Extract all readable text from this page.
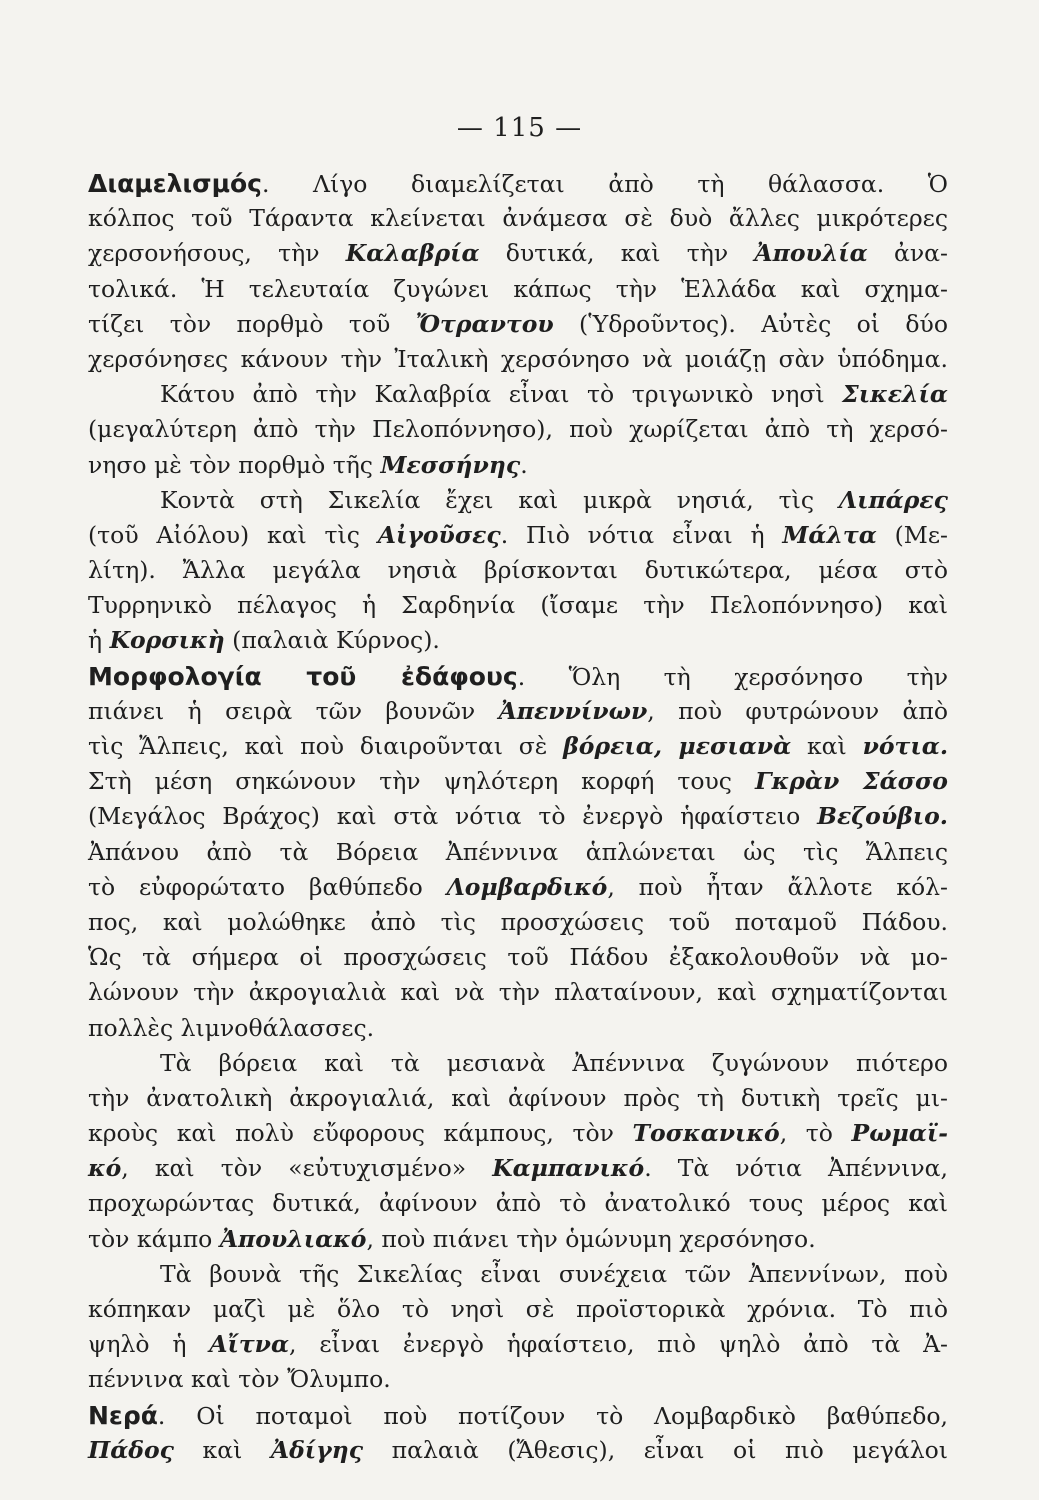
— 115 —
Διαμελισμός. Λίγο διαμελίζεται ἀπὸ τὴ θάλασσα. Ὁ
κόλπος τοῦ Τάραντα κλείνεται ἀνάμεσα σὲ δυὸ ἄλλες μικρότερες
χερσονήσους, τὴν Καλαβρία δυτικά, καὶ τὴν Ἀπουλία ἀνα-
τολικά. Ἡ τελευταία ζυγώνει κάπως τὴν Ἑλλάδα καὶ σχημα-
τίζει τὸν πορθμὸ τοῦ Ὄτραντου (Ὑδροῦντος). Αὐτὲς οἱ δύο
χερσόνησες κάνουν τὴν Ἰταλικὴ χερσόνησο νὰ μοιάζῃ σὰν ὑπόδημα.
Κάτου ἀπὸ τὴν Καλαβρία εἶναι τὸ τριγωνικὸ νησὶ Σικελία
(μεγαλύτερη ἀπὸ τὴν Πελοπόννησο), ποὺ χωρίζεται ἀπὸ τὴ χερσό-
νησο μὲ τὸν πορθμὸ τῆς Μεσσήνης.
Κοντὰ στὴ Σικελία ἔχει καὶ μικρὰ νησιά, τὶς Λιπάρες
(τοῦ Αἰόλου) καὶ τὶς Αἰγοῦσες. Πιὸ νότια εἶναι ἡ Μάλτα (Με-
λίτη). Ἄλλα μεγάλα νησιὰ βρίσκονται δυτικώτερα, μέσα στὸ
Τυρρηνικὸ πέλαγος ἡ Σαρδηνία (ἴσαμε τὴν Πελοπόννησο) καὶ
ἡ Κορσικὴ (παλαιὰ Κύρνος).
Μορφολογία τοῦ ἐδάφους. Ὅλη τὴ χερσόνησο τὴν
πιάνει ἡ σειρὰ τῶν βουνῶν Ἀπεννίνων, ποὺ φυτρώνουν ἀπὸ
τὶς Ἄλπεις, καὶ ποὺ διαιροῦνται σὲ βόρεια, μεσιανὰ καὶ νότια.
Στὴ μέση σηκώνουν τὴν ψηλότερη κορφή τους Γκρὰν Σάσσο
(Μεγάλος Βράχος) καὶ στὰ νότια τὸ ἐνεργὸ ἡφαίστειο Βεζούβιο.
Ἀπάνου ἀπὸ τὰ Βόρεια Ἀπέννινα ἁπλώνεται ὡς τὶς Ἄλπεις
τὸ εὐφορώτατο βαθύπεδο Λομβαρδικό, ποὺ ἦταν ἄλλοτε κόλ-
πος, καὶ μολώθηκε ἀπὸ τὶς προσχώσεις τοῦ ποταμοῦ Πάδου.
Ὡς τὰ σήμερα οἱ προσχώσεις τοῦ Πάδου ἐξακολουθοῦν νὰ μο-
λώνουν τὴν ἀκρογιαλιὰ καὶ νὰ τὴν πλαταίνουν, καὶ σχηματίζονται
πολλὲς λιμνοθάλασσες.
Τὰ βόρεια καὶ τὰ μεσιανὰ Ἀπέννινα ζυγώνουν πιότερο
τὴν ἀνατολικὴ ἀκρογιαλιά, καὶ ἀφίνουν πρὸς τὴ δυτικὴ τρεῖς μι-
κροὺς καὶ πολὺ εὔφορους κάμπους, τὸν Τοσκανικό, τὸ Ρωμαϊ-
κό, καὶ τὸν «εὐτυχισμένο» Καμπανικό. Τὰ νότια Ἀπέννινα,
προχωρώντας δυτικά, ἀφίνουν ἀπὸ τὸ ἀνατολικό τους μέρος καὶ
τὸν κάμπο Ἀπουλιακό, ποὺ πιάνει τὴν ὁμώνυμη χερσόνησο.
Τὰ βουνὰ τῆς Σικελίας εἶναι συνέχεια τῶν Ἀπεννίνων, ποὺ
κόπηκαν μαζὶ μὲ ὅλο τὸ νησὶ σὲ προϊστορικὰ χρόνια. Τὸ πιὸ
ψηλὸ ἡ Αἴτνα, εἶναι ἐνεργὸ ἡφαίστειο, πιὸ ψηλὸ ἀπὸ τὰ Ἀ-
πέννινα καὶ τὸν Ὄλυμπο.
Νερά. Οἱ ποταμοὶ ποὺ ποτίζουν τὸ Λομβαρδικὸ βαθύπεδο,
Πάδος καὶ Ἀδίγης παλαιὰ (Ἄθεσις), εἶναι οἱ πιὸ μεγάλοι
